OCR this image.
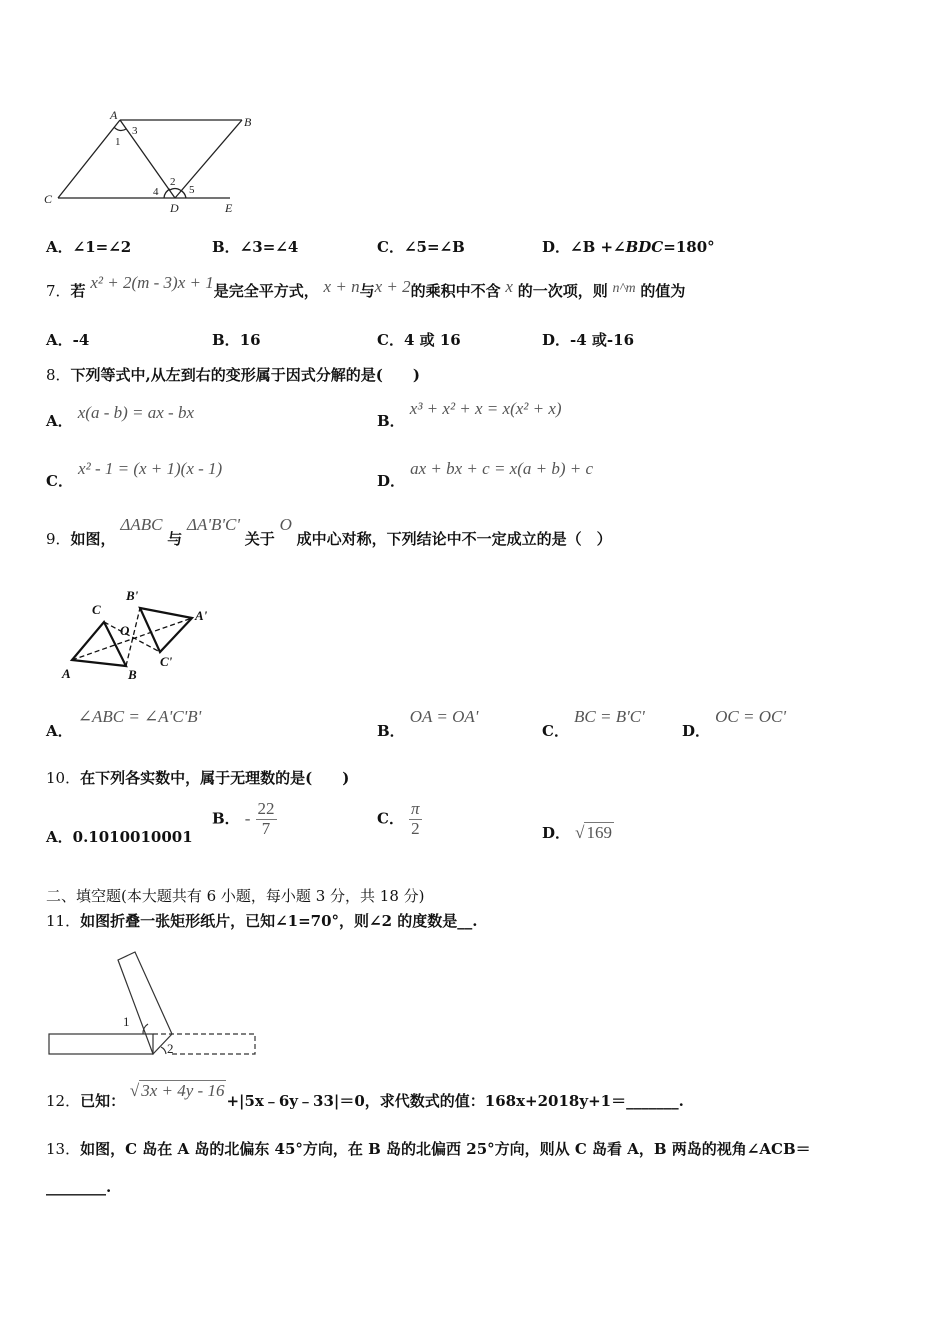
A	B
C
D	E
1
2
3
4	5
A．∠1=∠2	B．∠3=∠4	C．∠5=∠B	D．∠B +∠BDC=180°
7．若 x² + 2(m - 3)x + 1是完全平方式， x + n与x + 2的乘积中不含 x 的一次项，则 n^m 的值为
A．-4	B．16	C．4 或 16	D．-4 或-16
8．下列等式中,从左到右的变形属于因式分解的是(　　)
A． x(a - b) = ax - bx	B． x³ + x² + x = x(x² + x)
C． x² - 1 = (x + 1)(x - 1)
D． ax + bx + c = x(a + b) + c
9．如图， ΔABC 与 ΔA'B'C' 关于 O 成中心对称，下列结论中不一定成立的是（　）
A	B
C
O
A'
B'
C'
A． ∠ABC = ∠A'C'B'
B． OA = OA'
C． BC = B'C'
D． OC = OC'
10．在下列各实数中，属于无理数的是(　　)
A．0.1010010001
B． - $\frac{22}{7}$	C． $\frac{\pi}{2}$	D． √ 169
二、填空题(本大题共有 6 小题，每小题 3 分，共 18 分)
11．如图折叠一张矩形纸片，已知∠1=70°，则∠2 的度数是__.
1
2
12．已知： √ 3x + 4y - 16+|5x﹣6y﹣33|＝0，求代数式的值：168x+2018y+1＝_______.
13．如图，C 岛在 A 岛的北偏东 45°方向，在 B 岛的北偏西 25°方向，则从 C 岛看 A，B 两岛的视角∠ACB＝
________.
